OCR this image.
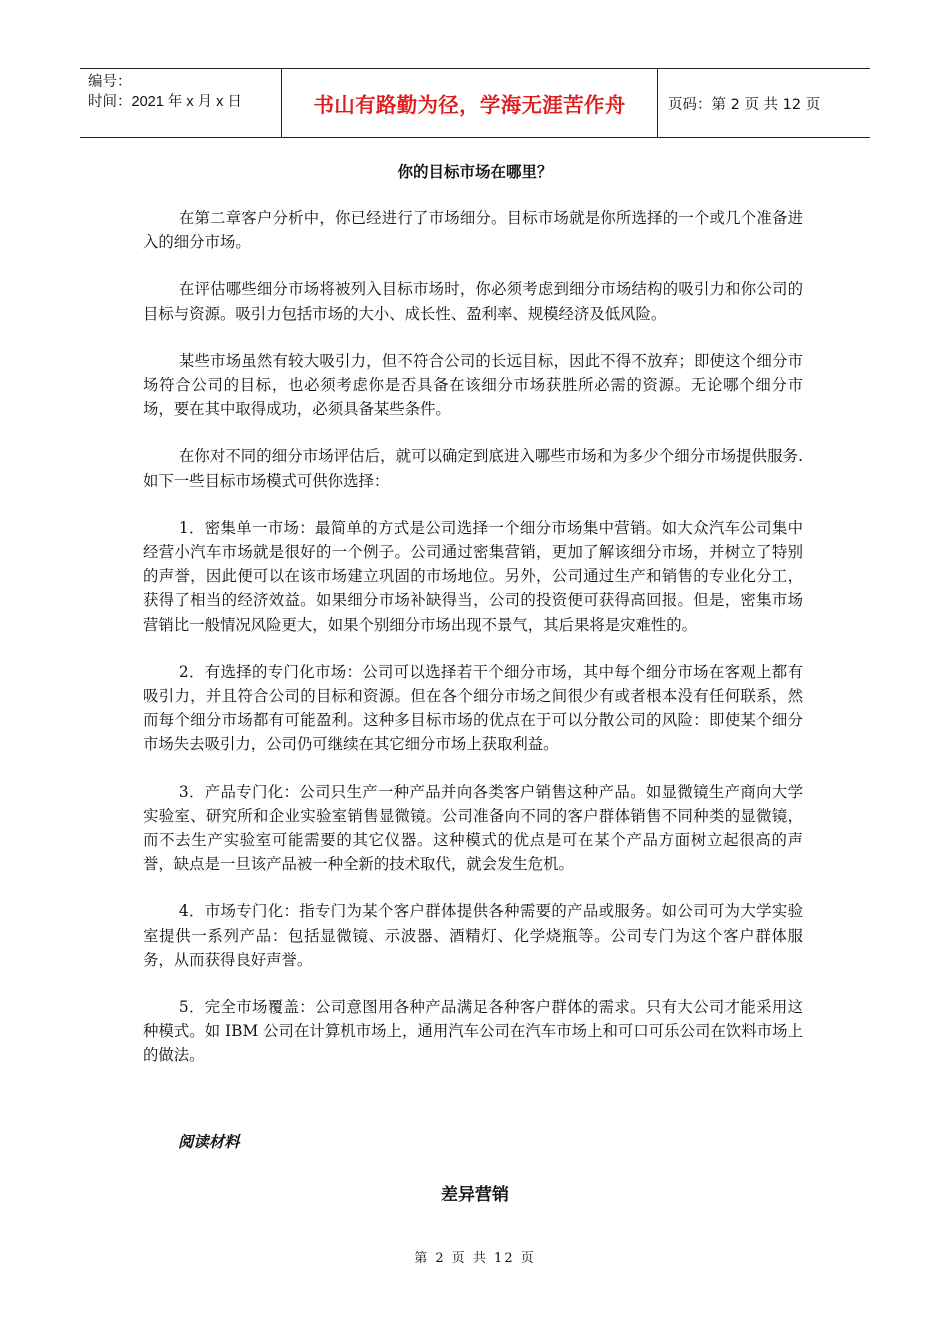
编号：
时间：2021 年 x 月 x 日	书山有路勤为径，学海无涯苦作舟	页码：第 2 页 共 12 页
你的目标市场在哪里？

在第二章客户分析中，你已经进行了市场细分。目标市场就是你所选择的一个或几个准备进入的细分市场。

在评估哪些细分市场将被列入目标市场时，你必须考虑到细分市场结构的吸引力和你公司的目标与资源。吸引力包括市场的大小、成长性、盈利率、规模经济及低风险。

某些市场虽然有较大吸引力，但不符合公司的长远目标，因此不得不放弃；即使这个细分市场符合公司的目标，也必须考虑你是否具备在该细分市场获胜所必需的资源。无论哪个细分市场，要在其中取得成功，必须具备某些条件。

在你对不同的细分市场评估后，就可以确定到底进入哪些市场和为多少个细分市场提供服务.如下一些目标市场模式可供你选择：

1．密集单一市场：最简单的方式是公司选择一个细分市场集中营销。如大众汽车公司集中经营小汽车市场就是很好的一个例子。公司通过密集营销，更加了解该细分市场，并树立了特别的声誉，因此便可以在该市场建立巩固的市场地位。另外，公司通过生产和销售的专业化分工，获得了相当的经济效益。如果细分市场补缺得当，公司的投资便可获得高回报。但是，密集市场营销比一般情况风险更大，如果个别细分市场出现不景气，其后果将是灾难性的。

2．有选择的专门化市场：公司可以选择若干个细分市场，其中每个细分市场在客观上都有吸引力，并且符合公司的目标和资源。但在各个细分市场之间很少有或者根本没有任何联系，然而每个细分市场都有可能盈利。这种多目标市场的优点在于可以分散公司的风险：即使某个细分市场失去吸引力，公司仍可继续在其它细分市场上获取利益。

3．产品专门化：公司只生产一种产品并向各类客户销售这种产品。如显微镜生产商向大学实验室、研究所和企业实验室销售显微镜。公司准备向不同的客户群体销售不同种类的显微镜，而不去生产实验室可能需要的其它仪器。这种模式的优点是可在某个产品方面树立起很高的声誉，缺点是一旦该产品被一种全新的技术取代，就会发生危机。

4．市场专门化：指专门为某个客户群体提供各种需要的产品或服务。如公司可为大学实验室提供一系列产品：包括显微镜、示波器、酒精灯、化学烧瓶等。公司专门为这个客户群体服务，从而获得良好声誉。

5．完全市场覆盖：公司意图用各种产品满足各种客户群体的需求。只有大公司才能采用这种模式。如 IBM 公司在计算机市场上，通用汽车公司在汽车市场上和可口可乐公司在饮料市场上的做法。

阅读材料
差异营销
第 2 页 共 12 页
